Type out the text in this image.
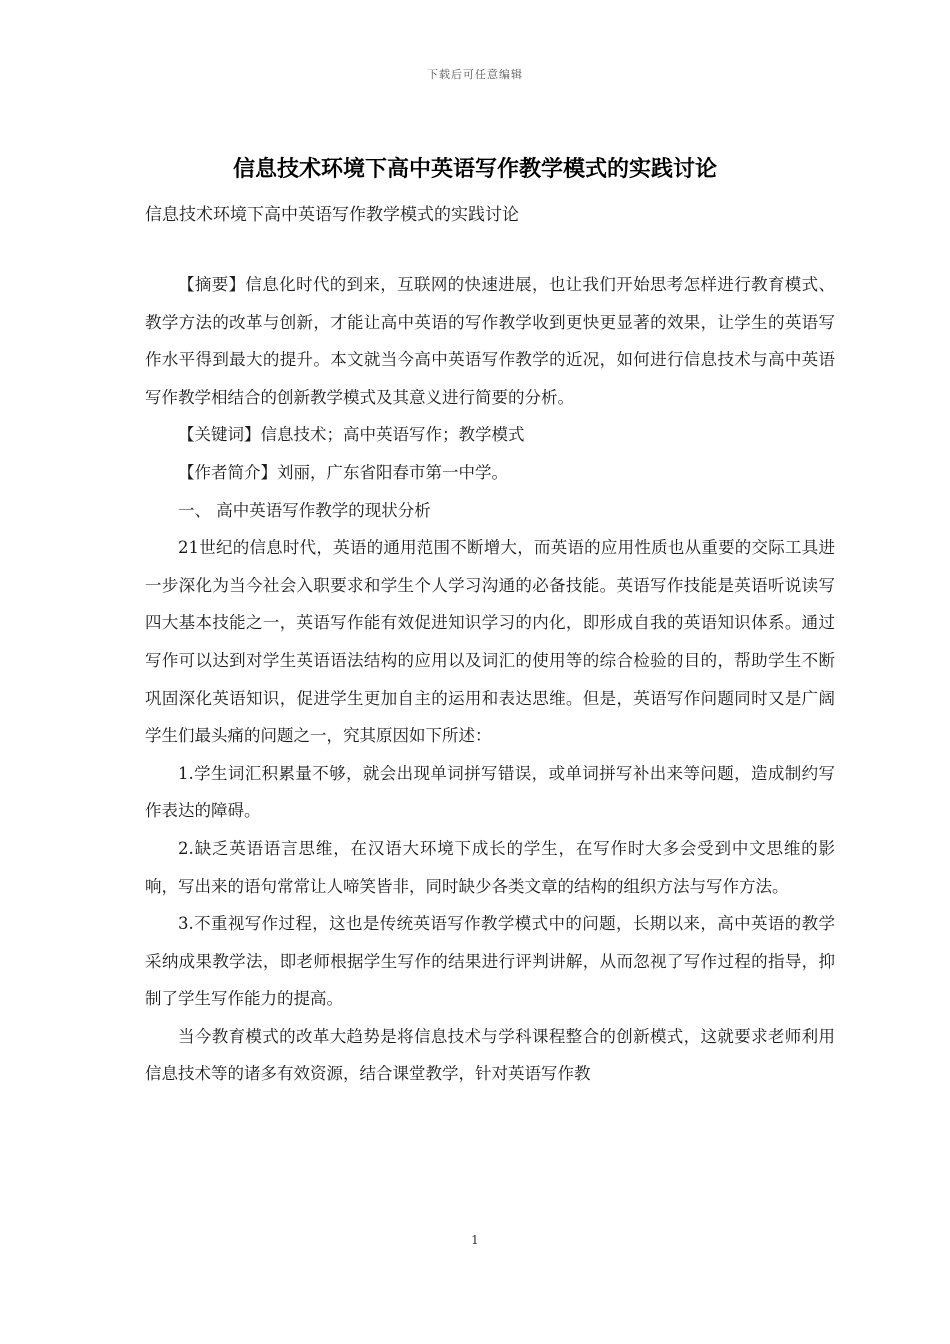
下载后可任意编辑
信息技术环境下高中英语写作教学模式的实践讨论
信息技术环境下高中英语写作教学模式的实践讨论

【摘要】信息化时代的到来，互联网的快速进展，也让我们开始思考怎样进行教育模式、教学方法的改革与创新，才能让高中英语的写作教学收到更快更显著的效果，让学生的英语写作水平得到最大的提升。本文就当今高中英语写作教学的近况，如何进行信息技术与高中英语写作教学相结合的创新教学模式及其意义进行简要的分析。

【关键词】信息技术；高中英语写作；教学模式

【作者简介】刘丽，广东省阳春市第一中学。

一、 高中英语写作教学的现状分析

21世纪的信息时代，英语的通用范围不断增大，而英语的应用性质也从重要的交际工具进一步深化为当今社会入职要求和学生个人学习沟通的必备技能。英语写作技能是英语听说读写四大基本技能之一，英语写作能有效促进知识学习的内化，即形成自我的英语知识体系。通过写作可以达到对学生英语语法结构的应用以及词汇的使用等的综合检验的目的，帮助学生不断巩固深化英语知识，促进学生更加自主的运用和表达思维。但是，英语写作问题同时又是广阔学生们最头痛的问题之一，究其原因如下所述：

1.学生词汇积累量不够，就会出现单词拼写错误，或单词拼写补出来等问题，造成制约写作表达的障碍。

2.缺乏英语语言思维，在汉语大环境下成长的学生，在写作时大多会受到中文思维的影响，写出来的语句常常让人啼笑皆非，同时缺少各类文章的结构的组织方法与写作方法。

3.不重视写作过程，这也是传统英语写作教学模式中的问题，长期以来，高中英语的教学采纳成果教学法，即老师根据学生写作的结果进行评判讲解，从而忽视了写作过程的指导，抑制了学生写作能力的提高。

当今教育模式的改革大趋势是将信息技术与学科课程整合的创新模式，这就要求老师利用信息技术等的诸多有效资源，结合课堂教学，针对英语写作教

1
